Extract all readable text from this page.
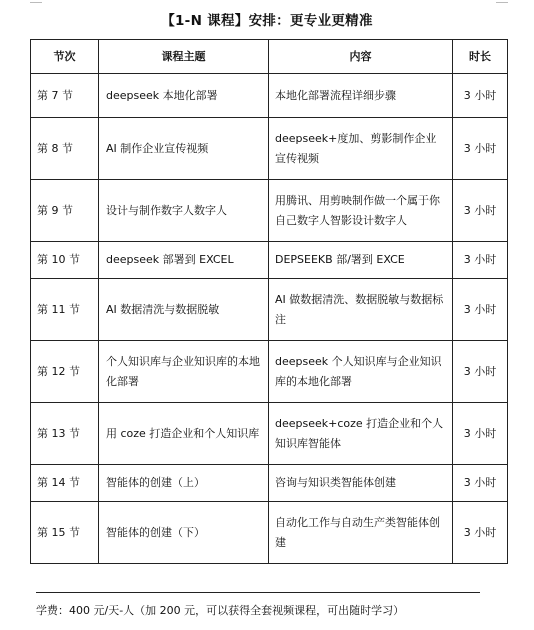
【1-N 课程】安排：更专业更精准
节次	课程主题	内容	时长
第 7 节	deepseek 本地化部署	本地化部署流程详细步骤	3 小时
第 8 节	AI 制作企业宣传视频	deepseek+度加、剪影制作企业宣传视频	3 小时
第 9 节	设计与制作数字人数字人	用腾讯、用剪映制作做一个属于你自己数字人智影设计数字人	3 小时
第 10 节	deepseek 部署到 EXCEL	DEPSEEKB 部/署到 EXCE	3 小时
第 11 节	AI 数据清洗与数据脱敏	AI 做数据清洗、数据脱敏与数据标注	3 小时
第 12 节	个人知识库与企业知识库的本地化部署	deepseek 个人知识库与企业知识库的本地化部署	3 小时
第 13 节	用 coze 打造企业和个人知识库	deepseek+coze 打造企业和个人知识库智能体	3 小时
第 14 节	智能体的创建（上）	咨询与知识类智能体创建	3 小时
第 15 节	智能体的创建（下）	自动化工作与自动生产类智能体创建	3 小时
学费：400 元/天-人（加 200 元，可以获得全套视频课程，可出随时学习）
